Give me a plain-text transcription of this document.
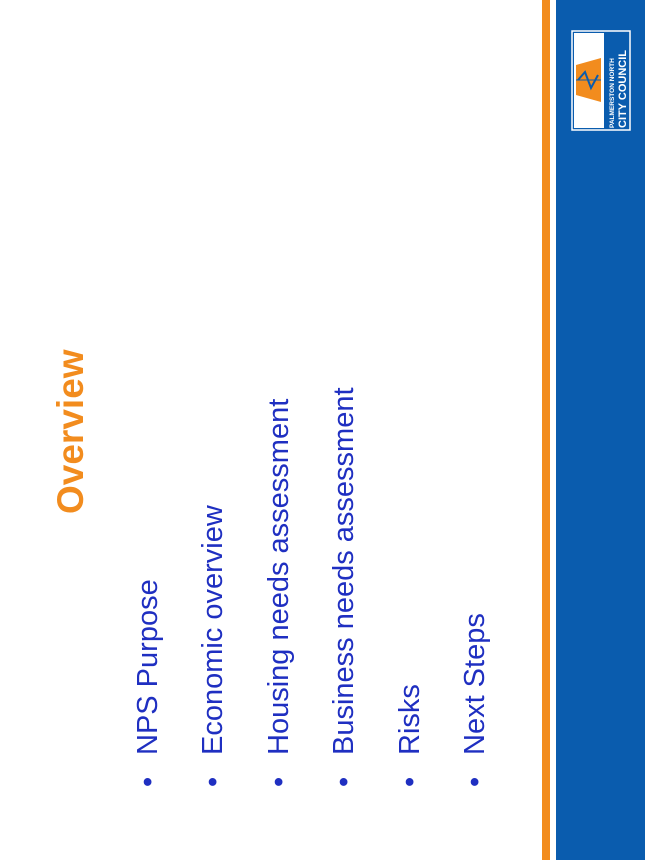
PALMERSTON NORTH CITY COUNCIL
Overview
•NPS Purpose
•Economic overview
•Housing needs assessment
•Business needs assessment
•Risks
•Next Steps
